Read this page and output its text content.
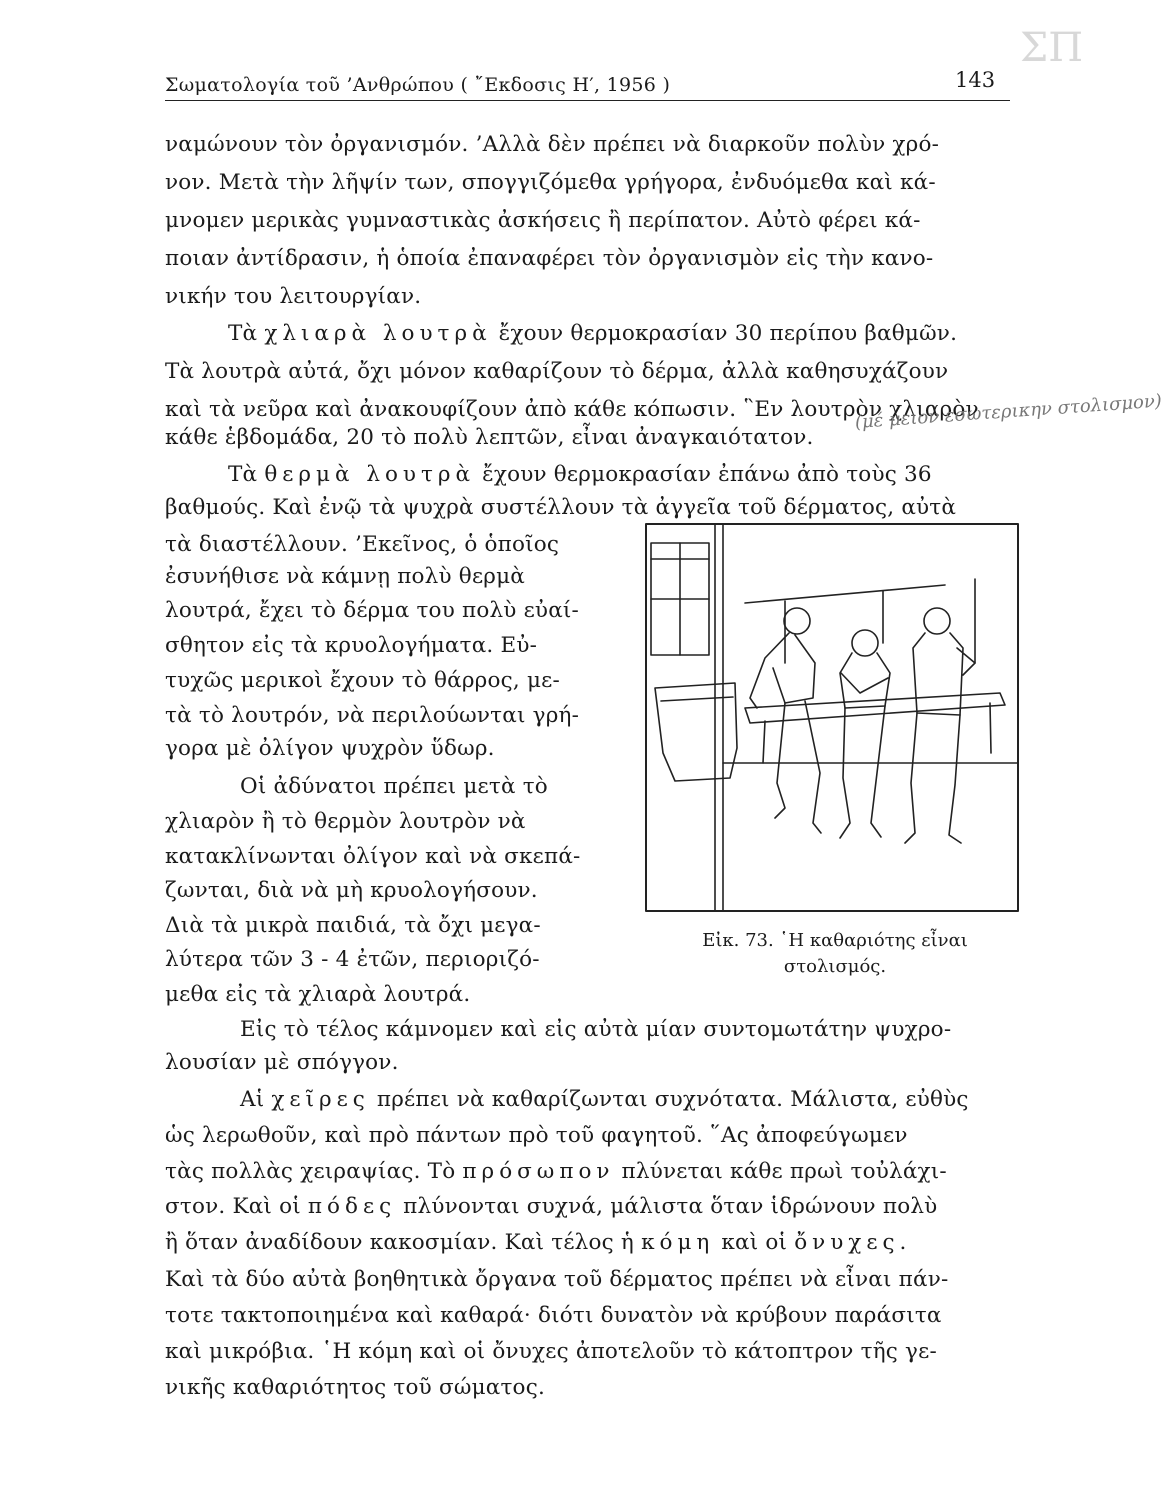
ΣΠ
Σωματολογία τοῦ ’Ανθρώπου ( ῎Εκδοσις Η′, 1956 )	143
ναμώνουν τὸν ὀργανισμόν. ’Αλλὰ δὲν πρέπει νὰ διαρκοῦν πολὺν χρό-
νον. Μετὰ τὴν λῆψίν των, σπογγιζόμεθα γρήγορα, ἐνδυόμεθα καὶ κά-
μνομεν μερικὰς γυμναστικὰς ἀσκήσεις ἢ περίπατον. Αὐτὸ φέρει κά-
ποιαν ἀντίδρασιν, ἡ ὁποία ἐπαναφέρει τὸν ὀργανισμὸν εἰς τὴν κανο-
νικήν του λειτουργίαν.
Τὰ χλιαρὰ λουτρὰ ἔχουν θερμοκρασίαν 30 περίπου βαθμῶν.
Τὰ λουτρὰ αὐτά, ὄχι μόνον καθαρίζουν τὸ δέρμα, ἀλλὰ καθησυχάζουν
καὶ τὰ νεῦρα καὶ ἀνακουφίζουν ἀπὸ κάθε κόπωσιν. ῝Εν λουτρὸν χλιαρὸν
κάθε ἑβδομάδα, 20 τὸ πολὺ λεπτῶν, εἶναι ἀναγκαιότατον.
(μέ μειον εσωτερικην στολισμον)
Τὰ θερμὰ λουτρὰ ἔχουν θερμοκρασίαν ἐπάνω ἀπὸ τοὺς 36
βαθμούς. Καὶ ἐνῷ τὰ ψυχρὰ συστέλλουν τὰ ἀγγεῖα τοῦ δέρματος, αὐτὰ
τὰ διαστέλλουν. ’Εκεῖνος, ὁ ὁποῖος
ἐσυνήθισε νὰ κάμνῃ πολὺ θερμὰ
λουτρά, ἔχει τὸ δέρμα του πολὺ εὐαί-
σθητον εἰς τὰ κρυολογήματα. Εὐ-
τυχῶς μερικοὶ ἔχουν τὸ θάρρος, με-
τὰ τὸ λουτρόν, νὰ περιλούωνται γρή-
γορα μὲ ὀλίγον ψυχρὸν ὕδωρ.
Οἱ ἀδύνατοι πρέπει μετὰ τὸ
χλιαρὸν ἢ τὸ θερμὸν λουτρὸν νὰ
κατακλίνωνται ὀλίγον καὶ νὰ σκεπά-
ζωνται, διὰ νὰ μὴ κρυολογήσουν.
Διὰ τὰ μικρὰ παιδιά, τὰ ὄχι μεγα-
λύτερα τῶν 3 - 4 ἐτῶν, περιοριζό-
μεθα εἰς τὰ χλιαρὰ λουτρά.
Εἰς τὸ τέλος κάμνομεν καὶ εἰς αὐτὰ μίαν συντομωτάτην ψυχρο-
λουσίαν μὲ σπόγγον.
Αἱ χεῖρες πρέπει νὰ καθαρίζωνται συχνότατα. Μάλιστα, εὐθὺς
ὡς λερωθοῦν, καὶ πρὸ πάντων πρὸ τοῦ φαγητοῦ. ῞Ας ἀποφεύγωμεν
τὰς πολλὰς χειραψίας. Τὸ πρόσωπον πλύνεται κάθε πρωὶ τοὐλάχι-
στον. Καὶ οἱ πόδες πλύνονται συχνά, μάλιστα ὅταν ἱδρώνουν πολὺ
ἢ ὅταν ἀναδίδουν κακοσμίαν. Καὶ τέλος ἡ κόμη καὶ οἱ ὄνυχες.
Καὶ τὰ δύο αὐτὰ βοηθητικὰ ὄργανα τοῦ δέρματος πρέπει νὰ εἶναι πάν-
τοτε τακτοποιημένα καὶ καθαρά· διότι δυνατὸν νὰ κρύβουν παράσιτα
καὶ μικρόβια. ῾Η κόμη καὶ οἱ ὄνυχες ἀποτελοῦν τὸ κάτοπτρον τῆς γε-
νικῆς καθαριότητος τοῦ σώματος.
Εἰκ. 73. ῾Η καθαριότης εἶναι
στολισμός.
